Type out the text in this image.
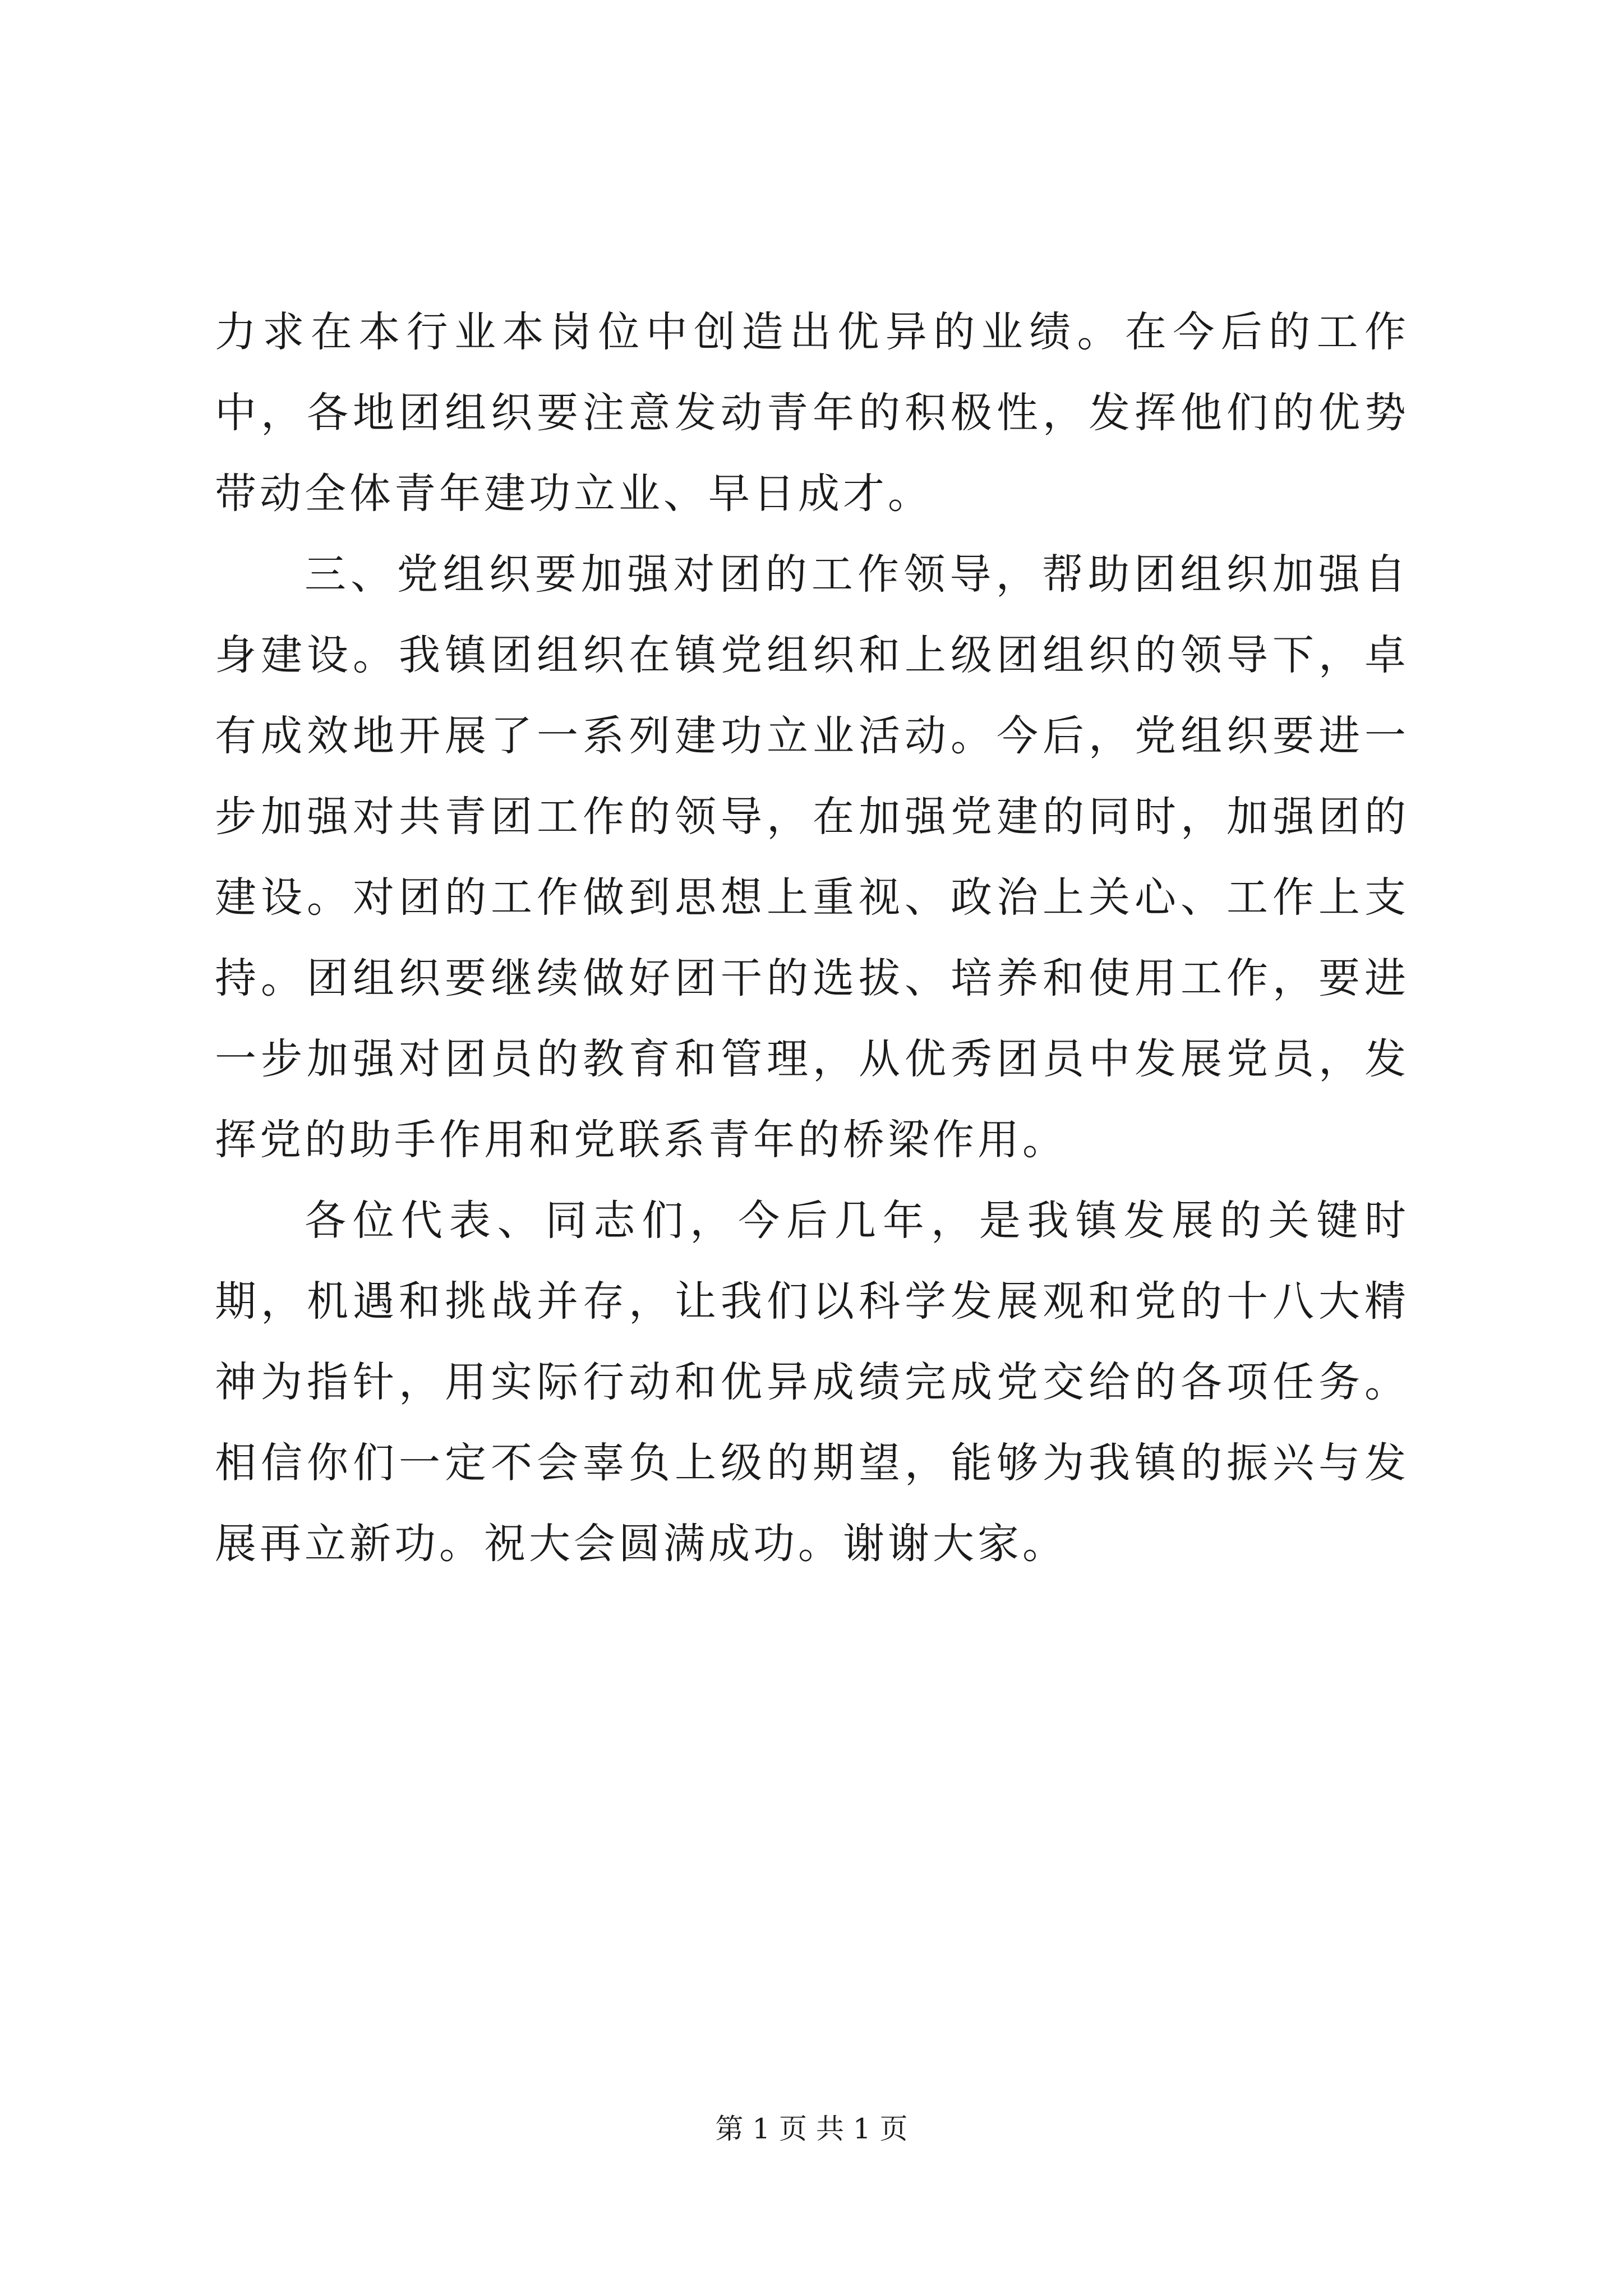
力求在本行业本岗位中创造出优异的业绩。在今后的工作中，各地团组织要注意发动青年的积极性，发挥他们的优势带动全体青年建功立业、早日成才。

三、党组织要加强对团的工作领导，帮助团组织加强自身建设。我镇团组织在镇党组织和上级团组织的领导下，卓有成效地开展了一系列建功立业活动。今后，党组织要进一步加强对共青团工作的领导，在加强党建的同时，加强团的建设。对团的工作做到思想上重视、政治上关心、工作上支持。团组织要继续做好团干的选拔、培养和使用工作，要进一步加强对团员的教育和管理，从优秀团员中发展党员，发挥党的助手作用和党联系青年的桥梁作用。

各位代表、同志们，今后几年，是我镇发展的关键时期，机遇和挑战并存，让我们以科学发展观和党的十八大精神为指针，用实际行动和优异成绩完成党交给的各项任务。相信你们一定不会辜负上级的期望，能够为我镇的振兴与发展再立新功。祝大会圆满成功。谢谢大家。

第 1 页 共 1 页
